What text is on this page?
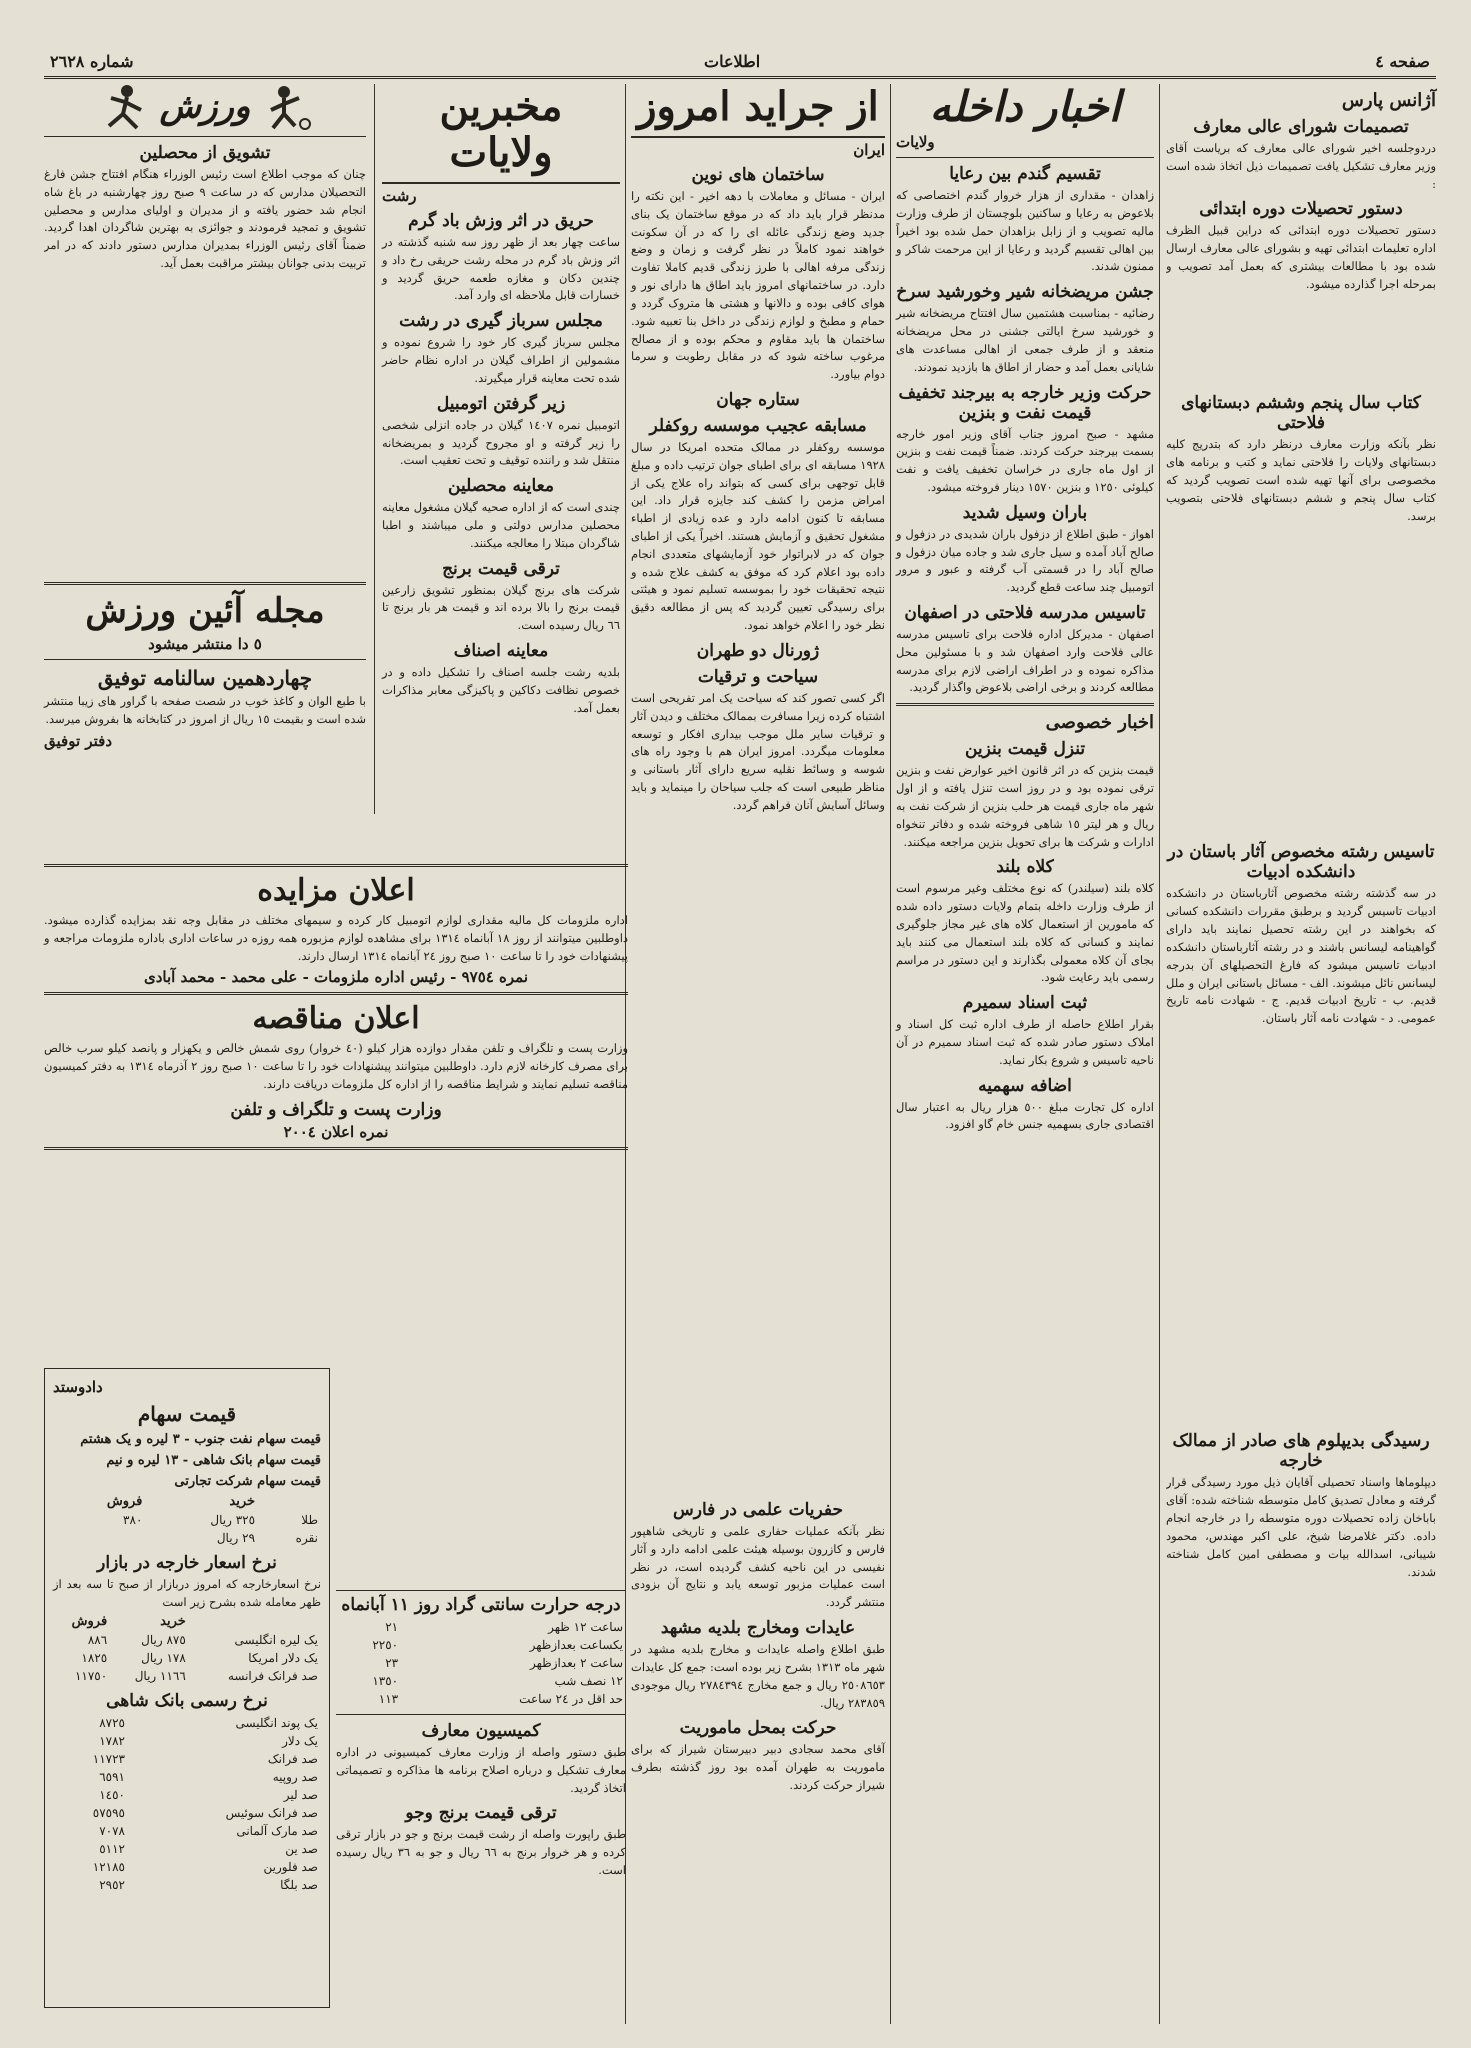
صفحه ٤
اطلاعات
شماره ٢٦٢٨
آژانس پارس
تصمیمات شورای عالی معارف
دردوجلسه اخیر شورای عالی معارف که بریاست آقای وزیر معارف تشکیل یافت تصمیمات ذیل اتخاذ شده است :
دستور تحصیلات دوره ابتدائی
دستور تحصیلات دوره ابتدائی که دراین قبیل الظرف اداره تعلیمات ابتدائی تهیه و بشورای عالی معارف ارسال شده بود با مطالعات بیشتری که بعمل آمد تصویب و بمرحله اجرا گذارده میشود.
کتاب سال پنجم وششم دبستانهای فلاحتی
نظر بآنکه وزارت معارف درنظر دارد که بتدریج کلیه دبستانهای ولایات را فلاحتی نماید و کتب و برنامه های مخصوصی برای آنها تهیه شده است تصویب گردید که کتاب سال پنجم و ششم دبستانهای فلاحتی بتصویب برسد.
تاسیس رشته مخصوص آثار باستان در دانشکده ادبیات
در سه گذشته رشته مخصوص آثارباستان در دانشکده ادبیات تاسیس گردید و برطبق مقررات دانشکده کسانی که بخواهند در این رشته تحصیل نمایند باید دارای گواهینامه لیسانس باشند و در رشته آثارباستان دانشکده ادبیات تاسیس میشود که فارغ التحصیلهای آن بدرجه لیسانس نائل میشوند. الف - مسائل باستانی ایران و ملل قدیم. ب - تاریخ ادبیات قدیم. ج - شهادت نامه تاریخ عمومی. د - شهادت نامه آثار باستان.
رسیدگی بدیپلوم های صادر از ممالک خارجه
دیپلوماها واسناد تحصیلی آقایان ذیل مورد رسیدگی قرار گرفته و معادل تصدیق کامل متوسطه شناخته شده: آقای باباخان زاده تحصیلات دوره متوسطه را در خارجه انجام داده. دکتر غلامرضا شیخ، علی اکبر مهندس، محمود شیبانی، اسدالله بیات و مصطفی امین کامل شناخته شدند.
اخبار داخله
ولایات
تقسیم گندم بین رعایا
زاهدان - مقداری از هزار خروار گندم اختصاصی که بلاعوض به رعایا و ساکنین بلوچستان از طرف وزارت مالیه تصویب و از زابل بزاهدان حمل شده بود اخیراً بین اهالی تقسیم گردید و رعایا از این مرحمت شاکر و ممنون شدند.
جشن مریضخانه شیر وخورشید سرخ
رضائیه - بمناسبت هشتمین سال افتتاح مریضخانه شیر و خورشید سرخ ایالتی جشنی در محل مریضخانه منعقد و از طرف جمعی از اهالی مساعدت های شایانی بعمل آمد و حضار از اطاق ها بازدید نمودند.
حرکت وزیر خارجه به بیرجند تخفیف قیمت نفت و بنزین
مشهد - صبح امروز جناب آقای وزیر امور خارجه بسمت بیرجند حرکت کردند. ضمناً قیمت نفت و بنزین از اول ماه جاری در خراسان تخفیف یافت و نفت کیلوئی ١٢٥٠ و بنزین ١٥٧٠ دینار فروخته میشود.
باران وسیل شدید
اهواز - طبق اطلاع از دزفول باران شدیدی در دزفول و صالح آباد آمده و سیل جاری شد و جاده میان دزفول و صالح آباد را در قسمتی آب گرفته و عبور و مرور اتومبیل چند ساعت قطع گردید.
تاسیس مدرسه فلاحتی در اصفهان
اصفهان - مدیرکل اداره فلاحت برای تاسیس مدرسه عالی فلاحت وارد اصفهان شد و با مسئولین محل مذاکره نموده و در اطراف اراضی لازم برای مدرسه مطالعه کردند و برخی اراضی بلاعوض واگذار گردید.
اخبار خصوصی
تنزل قیمت بنزین
قیمت بنزین که در اثر قانون اخیر عوارض نفت و بنزین ترقی نموده بود و در روز است تنزل یافته و از اول شهر ماه جاری قیمت هر حلب بنزین از شرکت نفت به ریال و هر لیتر ١٥ شاهی فروخته شده و دفاتر تنخواه ادارات و شرکت ها برای تحویل بنزین مراجعه میکنند.
کلاه بلند
کلاه بلند (سیلندر) که نوع مختلف وغیر مرسوم است از طرف وزارت داخله بتمام ولایات دستور داده شده که مامورین از استعمال کلاه های غیر مجاز جلوگیری نمایند و کسانی که کلاه بلند استعمال می کنند باید بجای آن کلاه معمولی بگذارند و این دستور در مراسم رسمی باید رعایت شود.
ثبت اسناد سمیرم
بقرار اطلاع حاصله از طرف اداره ثبت کل اسناد و املاک دستور صادر شده که ثبت اسناد سمیرم در آن ناحیه تاسیس و شروع بکار نماید.
اضافه سهمیه
اداره کل تجارت مبلغ ٥٠٠ هزار ریال به اعتبار سال اقتصادی جاری بسهمیه جنس خام گاو افزود.
از جراید امروز
ایران
ساختمان های نوین
ایران - مسائل و معاملات با دهه اخیر - این نکته را مدنظر قرار باید داد که در موقع ساختمان یک بنای جدید وضع زندگی عائله ای را که در آن سکونت خواهند نمود کاملاً در نظر گرفت و زمان و وضع زندگی مرفه اهالی با طرز زندگی قدیم کاملا تفاوت دارد. در ساختمانهای امروز باید اطاق ها دارای نور و هوای کافی بوده و دالانها و هشتی ها متروک گردد و حمام و مطبخ و لوازم زندگی در داخل بنا تعبیه شود. ساختمان ها باید مقاوم و محکم بوده و از مصالح مرغوب ساخته شود که در مقابل رطوبت و سرما دوام بیاورد.
ستاره جهان
مسابقه عجیب موسسه روکفلر
موسسه روکفلر در ممالک متحده امریکا در سال ١٩٢٨ مسابقه ای برای اطبای جوان ترتیب داده و مبلغ قابل توجهی برای کسی که بتواند راه علاج یکی از امراض مزمن را کشف کند جایزه قرار داد. این مسابقه تا کنون ادامه دارد و عده زیادی از اطباء مشغول تحقیق و آزمایش هستند. اخیراً یکی از اطبای جوان که در لابراتوار خود آزمایشهای متعددی انجام داده بود اعلام کرد که موفق به کشف علاج شده و نتیجه تحقیقات خود را بموسسه تسلیم نمود و هیئتی برای رسیدگی تعیین گردید که پس از مطالعه دقیق نظر خود را اعلام خواهد نمود.
ژورنال دو طهران
سیاحت و ترقیات
اگر کسی تصور کند که سیاحت یک امر تفریحی است اشتباه کرده زیرا مسافرت بممالک مختلف و دیدن آثار و ترقیات سایر ملل موجب بیداری افکار و توسعه معلومات میگردد. امروز ایران هم با وجود راه های شوسه و وسائط نقلیه سریع دارای آثار باستانی و مناظر طبیعی است که جلب سیاحان را مینماید و باید وسائل آسایش آنان فراهم گردد.
حفریات علمی در فارس
نظر بآنکه عملیات حفاری علمی و تاریخی شاهپور فارس و کازرون بوسیله هیئت علمی ادامه دارد و آثار نفیسی در این ناحیه کشف گردیده است، در نظر است عملیات مزبور توسعه یابد و نتایج آن بزودی منتشر گردد.
عایدات ومخارج بلدیه مشهد
طبق اطلاع واصله عایدات و مخارج بلدیه مشهد در شهر ماه ١٣١٣ بشرح زیر بوده است: جمع کل عایدات ٢٥٠٨٦٥٣ ریال و جمع مخارج ٢٧٨٤٣٩٤ ریال موجودی ٢٨٣٨٥٩ ریال.
حرکت بمحل ماموریت
آقای محمد سجادی دبیر دبیرستان شیراز که برای ماموریت به طهران آمده بود روز گذشته بطرف شیراز حرکت کردند.
مخبرین ولایات
رشت
حریق در اثر وزش باد گرم
ساعت چهار بعد از ظهر روز سه شنبه گذشته در اثر وزش باد گرم در محله رشت حریقی رخ داد و چندین دکان و مغازه طعمه حریق گردید و خسارات قابل ملاحظه ای وارد آمد.
مجلس سرباز گیری در رشت
مجلس سرباز گیری کار خود را شروع نموده و مشمولین از اطراف گیلان در اداره نظام حاضر شده تحت معاینه قرار میگیرند.
زیر گرفتن اتومبیل
اتومبیل نمره ١٤٠٧ گیلان در جاده انزلی شخصی را زیر گرفته و او مجروح گردید و بمریضخانه منتقل شد و راننده توقیف و تحت تعقیب است.
معاینه محصلین
چندی است که از اداره صحیه گیلان مشغول معاینه محصلین مدارس دولتی و ملی میباشند و اطبا شاگردان مبتلا را معالجه میکنند.
ترقی قیمت برنج
شرکت های برنج گیلان بمنظور تشویق زارعین قیمت برنج را بالا برده اند و قیمت هر بار برنج تا ٦٦ ریال رسیده است.
معاینه اصناف
بلدیه رشت جلسه اصناف را تشکیل داده و در خصوص نظافت دکاکین و پاکیزگی معابر مذاکرات بعمل آمد.
ورزش
تشویق از محصلین
چنان که موجب اطلاع است رئیس الوزراء هنگام افتتاح جشن فارغ التحصیلان مدارس که در ساعت ٩ صبح روز چهارشنبه در باغ شاه انجام شد حضور یافته و از مدیران و اولیای مدارس و محصلین تشویق و تمجید فرمودند و جوائزی به بهترین شاگردان اهدا گردید. ضمناً آقای رئیس الوزراء بمدیران مدارس دستور دادند که در امر تربیت بدنی جوانان بیشتر مراقبت بعمل آید.
مجله آئین ورزش
٥ دا منتشر میشود
چهاردهمین سالنامه توفیق
با طبع الوان و کاغذ خوب در شصت صفحه با گراور های زیبا منتشر شده است و بقیمت ١٥ ریال از امروز در کتابخانه ها بفروش میرسد.
دفتر توفیق
اعلان مزایده
اداره ملزومات کل مالیه مقداری لوازم اتومبیل کار کرده و سیمهای مختلف در مقابل وجه نقد بمزایده گذارده میشود. داوطلبین میتوانند از روز ١٨ آبانماه ١٣١٤ برای مشاهده لوازم مزبوره همه روزه در ساعات اداری باداره ملزومات مراجعه و پیشنهادات خود را تا ساعت ١٠ صبح روز ٢٤ آبانماه ١٣١٤ ارسال دارند.
نمره ٩٧٥٤ - رئیس اداره ملزومات - علی محمد - محمد آبادی
اعلان مناقصه
وزارت پست و تلگراف و تلفن مقدار دوازده هزار کیلو (٤٠ خروار) روی شمش خالص و یکهزار و پانصد کیلو سرب خالص برای مصرف کارخانه لازم دارد. داوطلبین میتوانند پیشنهادات خود را تا ساعت ١٠ صبح روز ٢ آذرماه ١٣١٤ به دفتر کمیسیون مناقصه تسلیم نمایند و شرایط مناقصه را از اداره کل ملزومات دریافت دارند.
وزارت پست و تلگراف و تلفن
نمره اعلان ٢٠٠٤
دادوستد
قیمت سهام
قیمت سهام نفت جنوب - ٣ لیره و یک هشتم
قیمت سهام بانک شاهی - ١٣ لیره و نیم
قیمت سهام شرکت تجارتی
	خرید	فروش
طلا	٣٢٥ ریال	٣٨٠
نقره	٢٩ ریال	
نرخ اسعار خارجه در بازار
نرخ اسعارخارجه که امروز دربازار از صبح تا سه بعد از ظهر معامله شده بشرح زیر است
	خرید	فروش
یک لیره انگلیسی	٨٧٥ ریال	٨٨٦
یک دلار امریکا	١٧٨ ریال	١٨٢٥
صد فرانک فرانسه	١١٦٦ ریال	١١٧٥٠
نرخ رسمی بانک شاهی
یک پوند انگلیسی	٨٧٢٥
یک دلار	١٧٨٢
صد فرانک	١١٧٢٣
صد روپیه	٦٥٩١
صد لیر	١٤٥٠
صد فرانک سوئیس	٥٧٥٩٥
صد مارک آلمانی	٧٠٧٨
صد ین	٥١١٢
صد فلورین	١٢١٨٥
صد بلگا	٢٩٥٢
درجه حرارت سانتی گراد روز ١١ آبانماه
ساعت ١٢ ظهر	٢١
یکساعت بعدازظهر	٢٢٥٠
ساعت ٢ بعدازظهر	٢٣
١٢ نصف شب	١٣٥٠
حد اقل در ٢٤ ساعت	١١٣
کمیسیون معارف
طبق دستور واصله از وزارت معارف کمیسیونی در اداره معارف تشکیل و درباره اصلاح برنامه ها مذاکره و تصمیماتی اتخاذ گردید.
ترقی قیمت برنج وجو
طبق راپورت واصله از رشت قیمت برنج و جو در بازار ترقی کرده و هر خروار برنج به ٦٦ ریال و جو به ٣٦ ریال رسیده است.
